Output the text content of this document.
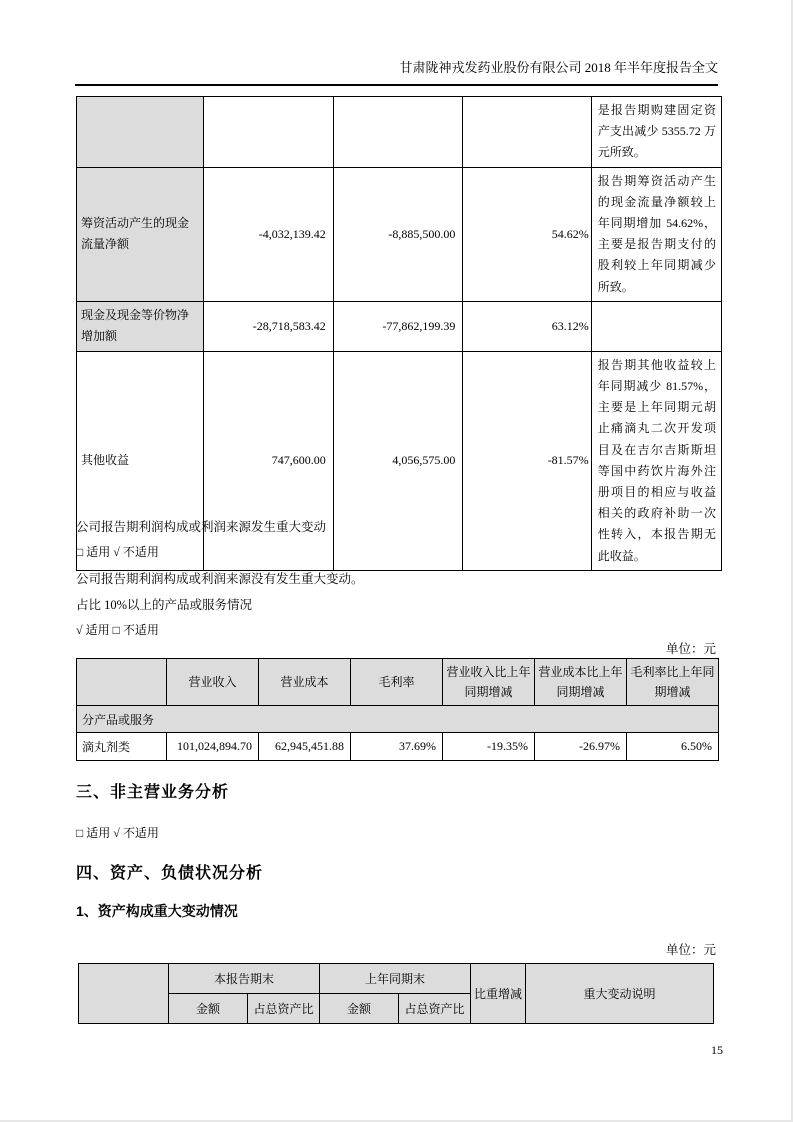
甘肃陇神戎发药业股份有限公司 2018 年半年度报告全文
				是报告期购建固定资产支出减少 5355.72 万元所致。
筹资活动产生的现金流量净额	-4,032,139.42	-8,885,500.00	54.62%	报告期筹资活动产生的现金流量净额较上年同期增加 54.62%，主要是报告期支付的股利较上年同期减少所致。
现金及现金等价物净增加额	-28,718,583.42	-77,862,199.39	63.12%	
其他收益	747,600.00	4,056,575.00	-81.57%	报告期其他收益较上年同期减少 81.57%，主要是上年同期元胡止痛滴丸二次开发项目及在吉尔吉斯斯坦等国中药饮片海外注册项目的相应与收益相关的政府补助一次性转入，本报告期无此收益。
公司报告期利润构成或利润来源发生重大变动
□ 适用 √ 不适用
公司报告期利润构成或利润来源没有发生重大变动。
占比 10%以上的产品或服务情况
√ 适用 □ 不适用
单位：元
	营业收入	营业成本	毛利率	营业收入比上年同期增减	营业成本比上年同期增减	毛利率比上年同期增减
分产品或服务						
滴丸剂类	101,024,894.70	62,945,451.88	37.69%	-19.35%	-26.97%	6.50%
三、非主营业务分析
□ 适用 √ 不适用
四、资产、负债状况分析
1、资产构成重大变动情况
单位：元
	本报告期末		上年同期末		比重增减	重大变动说明
	金额	占总资产比	金额	占总资产比		
15
